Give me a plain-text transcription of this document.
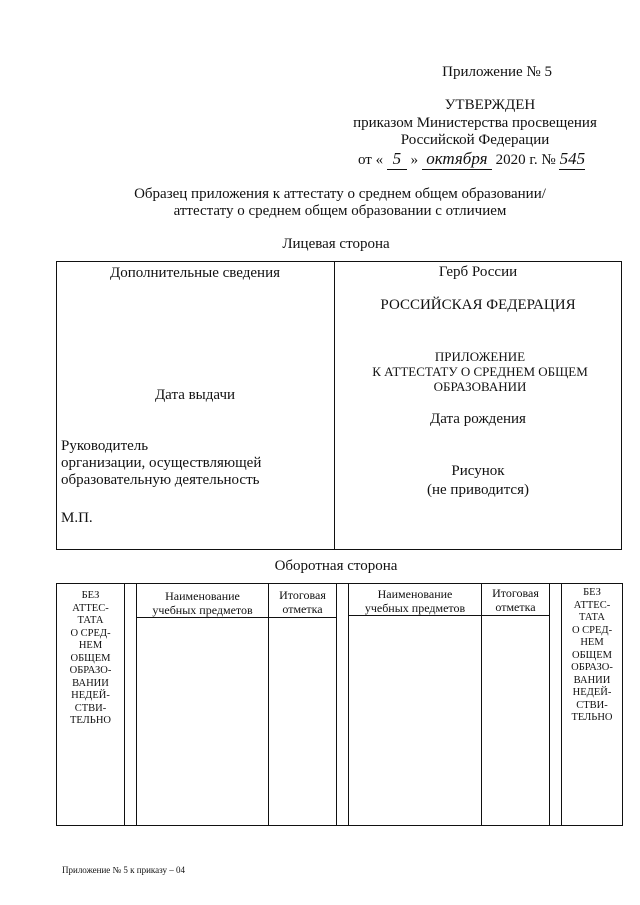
Приложение № 5
УТВЕРЖДЕН
приказом Министерства просвещения
Российской Федерации
от « 5 » октября 2020 г. № 545
Образец приложения к аттестату о среднем общем образовании/
аттестату о среднем общем образовании с отличием
Лицевая сторона
Дополнительные сведения
Дата выдачи
Руководитель
организации, осуществляющей
образовательную деятельность
М.П.
Герб России
РОССИЙСКАЯ ФЕДЕРАЦИЯ
ПРИЛОЖЕНИЕ
К АТТЕСТАТУ О СРЕДНЕМ ОБЩЕМ
ОБРАЗОВАНИИ
Дата рождения
Рисунок
(не приводится)
Оборотная сторона
БЕЗ
АТТЕС-
ТАТА
О СРЕД-
НЕМ
ОБЩЕМ
ОБРАЗО-
ВАНИИ
НЕДЕЙ-
СТВИ-
ТЕЛЬНО
Наименование
учебных предметов
Итоговая
отметка
Наименование
учебных предметов
Итоговая
отметка
БЕЗ
АТТЕС-
ТАТА
О СРЕД-
НЕМ
ОБЩЕМ
ОБРАЗО-
ВАНИИ
НЕДЕЙ-
СТВИ-
ТЕЛЬНО
Приложение № 5 к приказу – 04
